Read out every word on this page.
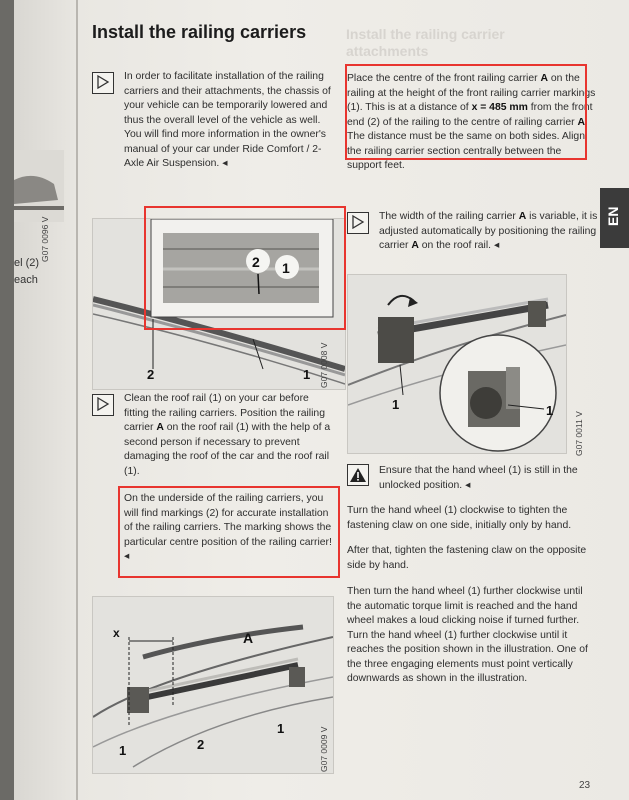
G07 0096 V
el (2)
each
Install the railing carriers	Install the railing carrier attachments
In order to facilitate installation of the railing carriers and their attachments, the chassis of your vehicle can be temporarily lowered and thus the overall level of the vehicle as well. You will find more information in the owner's manual of your car under Ride Comfort / 2-Axle Air Suspension. ◂
2 1
2	1 G07 0008 V
Clean the roof rail (1) on your car before fitting the railing carriers. Position the railing carrier A on the roof rail (1) with the help of a second person if necessary to prevent damaging the roof of the car and the roof rail (1).
On the underside of the railing carriers, you will find markings (2) for accurate installation of the railing carriers. The marking shows the particular centre position of the railing carrier! ◂
x	A
1
1	2	G07 0009 V
Place the centre of the front railing carrier A on the railing at the height of the front railing carrier markings (1). This is at a distance of x = 485 mm from the front end (2) of the railing to the centre of railing carrier A. The distance must be the same on both sides. Align the railing carrier section centrally between the support feet.
The width of the railing carrier A is variable, it is adjusted automatically by positioning the railing carrier A on the roof rail. ◂
1	1
G07 0011 V
Ensure that the hand wheel (1) is still in the unlocked position. ◂
Turn the hand wheel (1) clockwise to tighten the fastening claw on one side, initially only by hand.
After that, tighten the fastening claw on the opposite side by hand.
Then turn the hand wheel (1) further clockwise until the automatic torque limit is reached and the hand wheel makes a loud clicking noise if turned further. Turn the hand wheel (1) further clockwise until it reaches the position shown in the illustration. One of the three engaging elements must point vertically downwards as shown in the illustration.
EN
23
